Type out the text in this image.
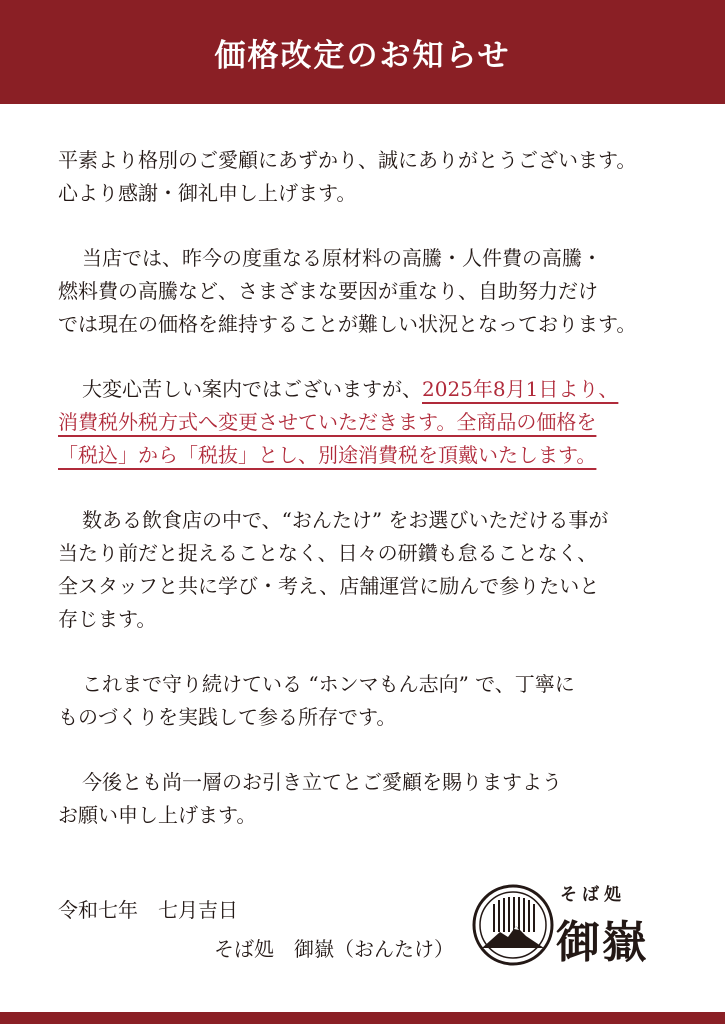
価格改定のお知らせ
平素より格別のご愛顧にあずかり、誠にありがとうございます。
心より感謝・御礼申し上げます。
当店では、昨今の度重なる原材料の高騰・人件費の高騰・
燃料費の高騰など、さまざまな要因が重なり、自助努力だけ
では現在の価格を維持することが難しい状況となっております。
大変心苦しい案内ではございますが、2025年8月1日より、
消費税外税方式へ変更させていただきます。全商品の価格を
「税込」から「税抜」とし、別途消費税を頂戴いたします。
数ある飲食店の中で、“おんたけ” をお選びいただける事が
当たり前だと捉えることなく、日々の研鑽も怠ることなく、
全スタッフと共に学び・考え、店舗運営に励んで参りたいと
存じます。
これまで守り続けている “ホンマもん志向” で、丁寧に
ものづくりを実践して参る所存です。
今後とも尚一層のお引き立てとご愛顧を賜りますよう
お願い申し上げます。
令和七年　七月吉日
そば処　御嶽（おんたけ）
そば処
御嶽
